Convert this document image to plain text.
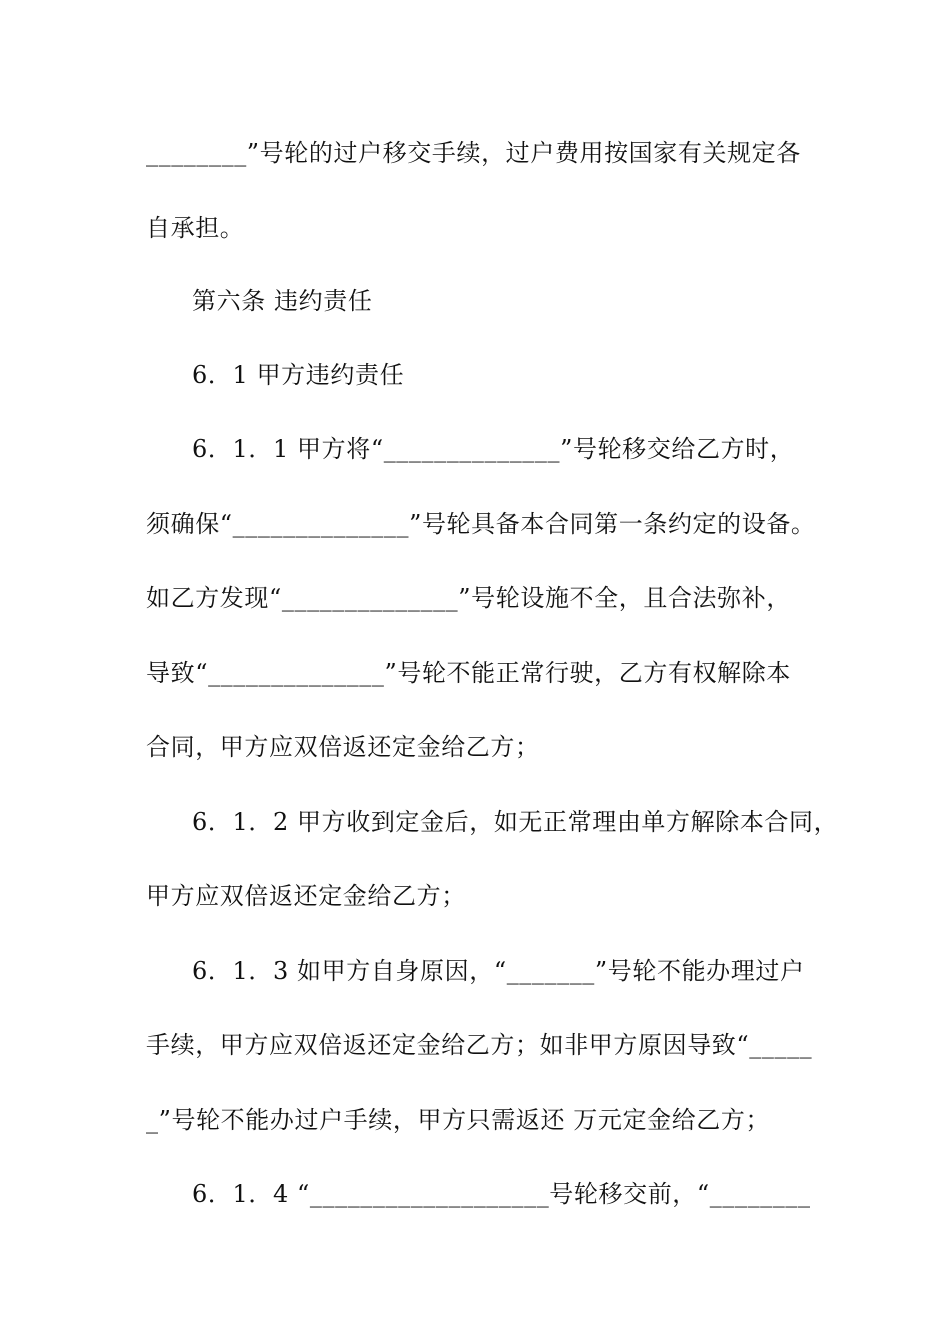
________”号轮的过户移交手续，过户费用按国家有关规定各
自承担。
第六条 违约责任
6．1 甲方违约责任
6．1．1 甲方将“______________”号轮移交给乙方时，
须确保“______________”号轮具备本合同第一条约定的设备。
如乙方发现“______________”号轮设施不全，且合法弥补，
导致“______________”号轮不能正常行驶，乙方有权解除本
合同，甲方应双倍返还定金给乙方；
6．1．2 甲方收到定金后，如无正常理由单方解除本合同，
甲方应双倍返还定金给乙方；
6．1．3 如甲方自身原因，“_______”号轮不能办理过户
手续，甲方应双倍返还定金给乙方；如非甲方原因导致“_____
_”号轮不能办过户手续，甲方只需返还 万元定金给乙方；
6．1．4 “___________________号轮移交前，“________
